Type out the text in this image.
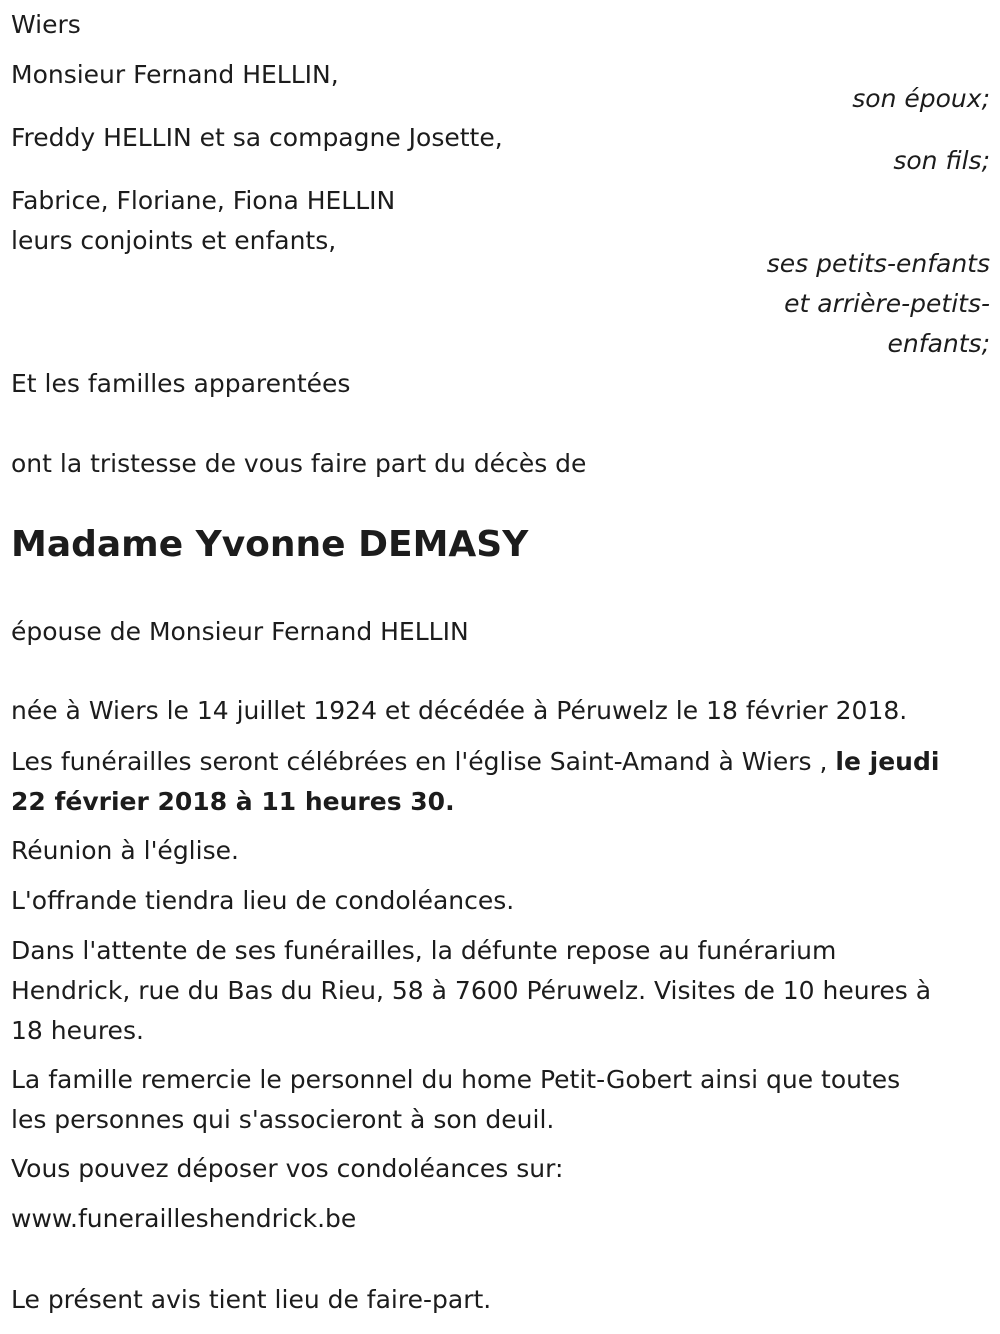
Wiers
Monsieur Fernand HELLIN,
son époux;
Freddy HELLIN et sa compagne Josette,
son fils;
Fabrice, Floriane, Fiona HELLIN
leurs conjoints et enfants,
ses petits-enfants
et arrière-petits-
enfants;
Et les familles apparentées
ont la tristesse de vous faire part du décès de
Madame Yvonne DEMASY
épouse de Monsieur Fernand HELLIN
née à Wiers le 14 juillet 1924 et décédée à Péruwelz le 18 février 2018.
Les funérailles seront célébrées en l'église Saint-Amand à Wiers , le jeudi
22 février 2018 à 11 heures 30.
Réunion à l'église.
L'offrande tiendra lieu de condoléances.
Dans l'attente de ses funérailles, la défunte repose au funérarium
Hendrick, rue du Bas du Rieu, 58 à 7600 Péruwelz. Visites de 10 heures à
18 heures.
La famille remercie le personnel du home Petit-Gobert ainsi que toutes
les personnes qui s'associeront à son deuil.
Vous pouvez déposer vos condoléances sur:
www.funerailleshendrick.be
Le présent avis tient lieu de faire-part.
